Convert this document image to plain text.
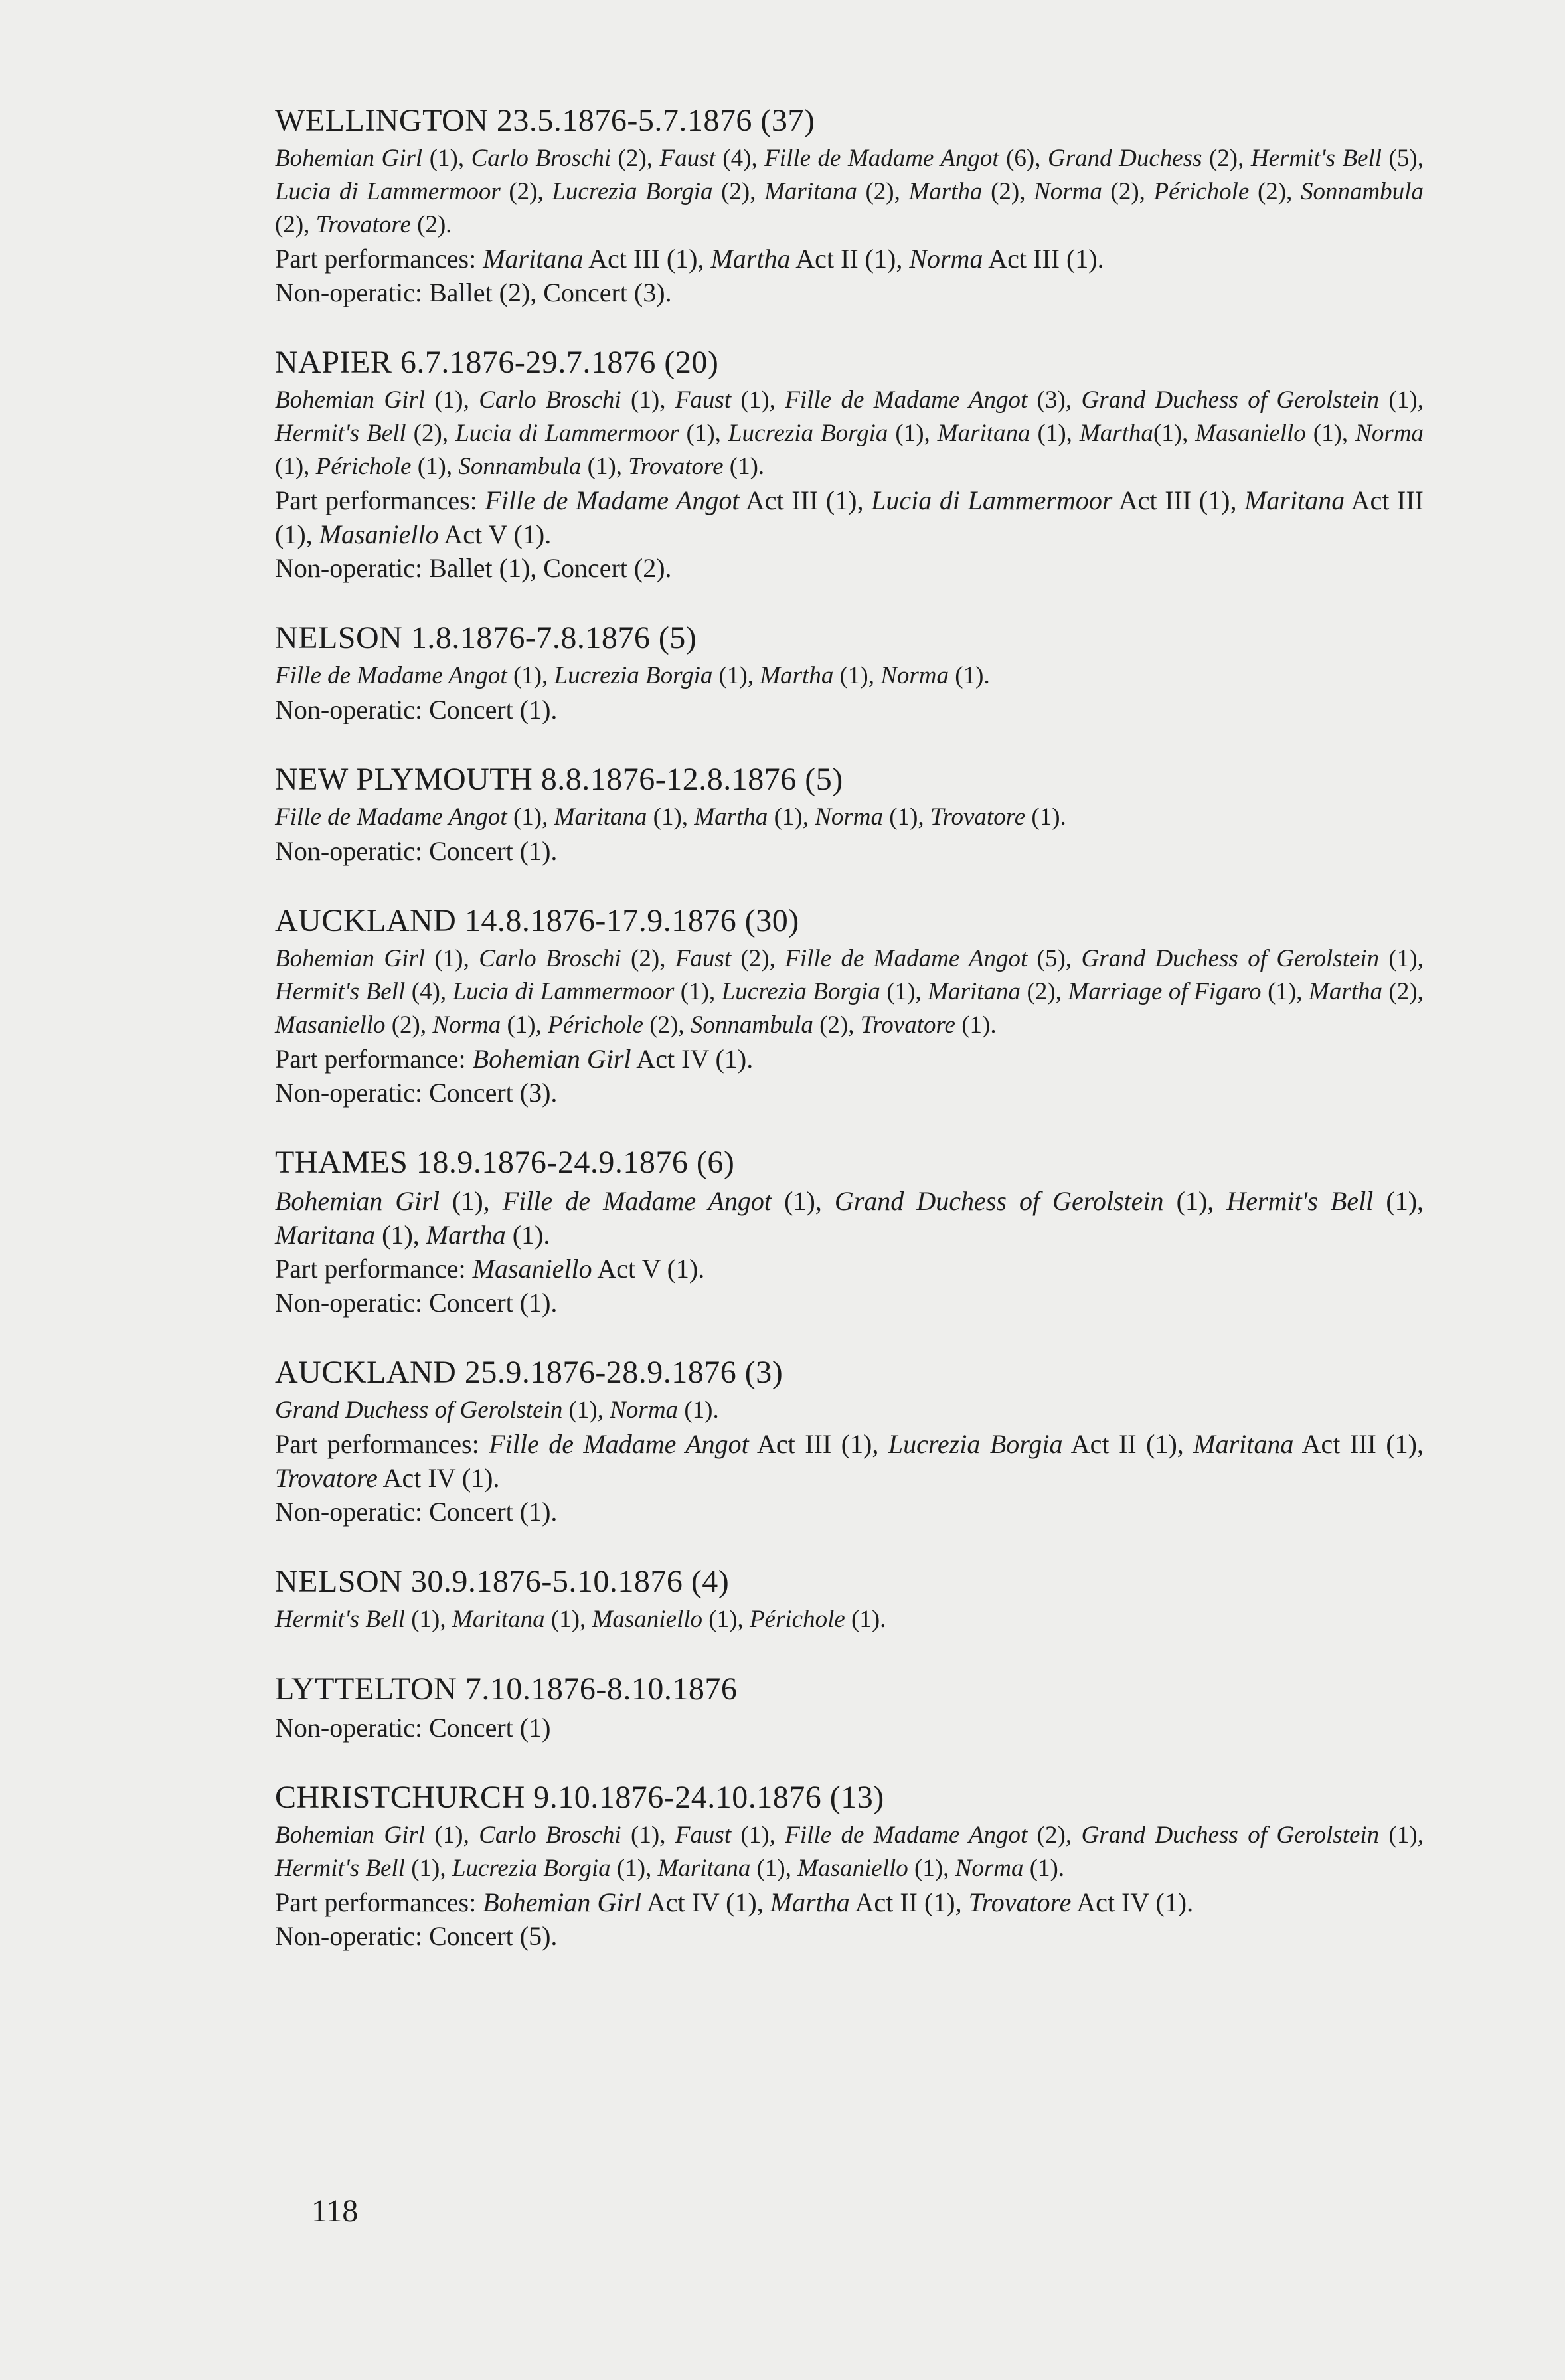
WELLINGTON 23.5.1876-5.7.1876 (37)

Bohemian Girl (1), Carlo Broschi (2), Faust (4), Fille de Madame Angot (6), Grand Duchess (2), Hermit's Bell (5), Lucia di Lammermoor (2), Lucrezia Borgia (2), Maritana (2), Martha (2), Norma (2), Périchole (2), Sonnambula (2), Trovatore (2).

Part performances: Maritana Act III (1), Martha Act II (1), Norma Act III (1).

Non-operatic: Ballet (2), Concert (3).

NAPIER 6.7.1876-29.7.1876 (20)

Bohemian Girl (1), Carlo Broschi (1), Faust (1), Fille de Madame Angot (3), Grand Duchess of Gerolstein (1), Hermit's Bell (2), Lucia di Lammermoor (1), Lucrezia Borgia (1), Maritana (1), Martha(1), Masaniello (1), Norma (1), Périchole (1), Sonnambula (1), Trovatore (1).

Part performances: Fille de Madame Angot Act III (1), Lucia di Lammermoor Act III (1), Maritana Act III (1), Masaniello Act V (1).

Non-operatic: Ballet (1), Concert (2).

NELSON 1.8.1876-7.8.1876 (5)

Fille de Madame Angot (1), Lucrezia Borgia (1), Martha (1), Norma (1).

Non-operatic: Concert (1).

NEW PLYMOUTH 8.8.1876-12.8.1876 (5)

Fille de Madame Angot (1), Maritana (1), Martha (1), Norma (1), Trovatore (1).

Non-operatic: Concert (1).

AUCKLAND 14.8.1876-17.9.1876 (30)

Bohemian Girl (1), Carlo Broschi (2), Faust (2), Fille de Madame Angot (5), Grand Duchess of Gerolstein (1), Hermit's Bell (4), Lucia di Lammermoor (1), Lucrezia Borgia (1), Maritana (2), Marriage of Figaro (1), Martha (2), Masaniello (2), Norma (1), Périchole (2), Sonnambula (2), Trovatore (1).

Part performance: Bohemian Girl Act IV (1).

Non-operatic: Concert (3).

THAMES 18.9.1876-24.9.1876 (6)

Bohemian Girl (1), Fille de Madame Angot (1), Grand Duchess of Gerolstein (1), Hermit's Bell (1), Maritana (1), Martha (1).

Part performance: Masaniello Act V (1).

Non-operatic: Concert (1).

AUCKLAND 25.9.1876-28.9.1876 (3)

Grand Duchess of Gerolstein (1), Norma (1).

Part performances: Fille de Madame Angot Act III (1), Lucrezia Borgia Act II (1), Maritana Act III (1), Trovatore Act IV (1).

Non-operatic: Concert (1).

NELSON 30.9.1876-5.10.1876 (4)

Hermit's Bell (1), Maritana (1), Masaniello (1), Périchole (1).

LYTTELTON 7.10.1876-8.10.1876

Non-operatic: Concert (1)

CHRISTCHURCH 9.10.1876-24.10.1876 (13)

Bohemian Girl (1), Carlo Broschi (1), Faust (1), Fille de Madame Angot (2), Grand Duchess of Gerolstein (1), Hermit's Bell (1), Lucrezia Borgia (1), Maritana (1), Masaniello (1), Norma (1).

Part performances: Bohemian Girl Act IV (1), Martha Act II (1), Trovatore Act IV (1).

Non-operatic: Concert (5).

118
